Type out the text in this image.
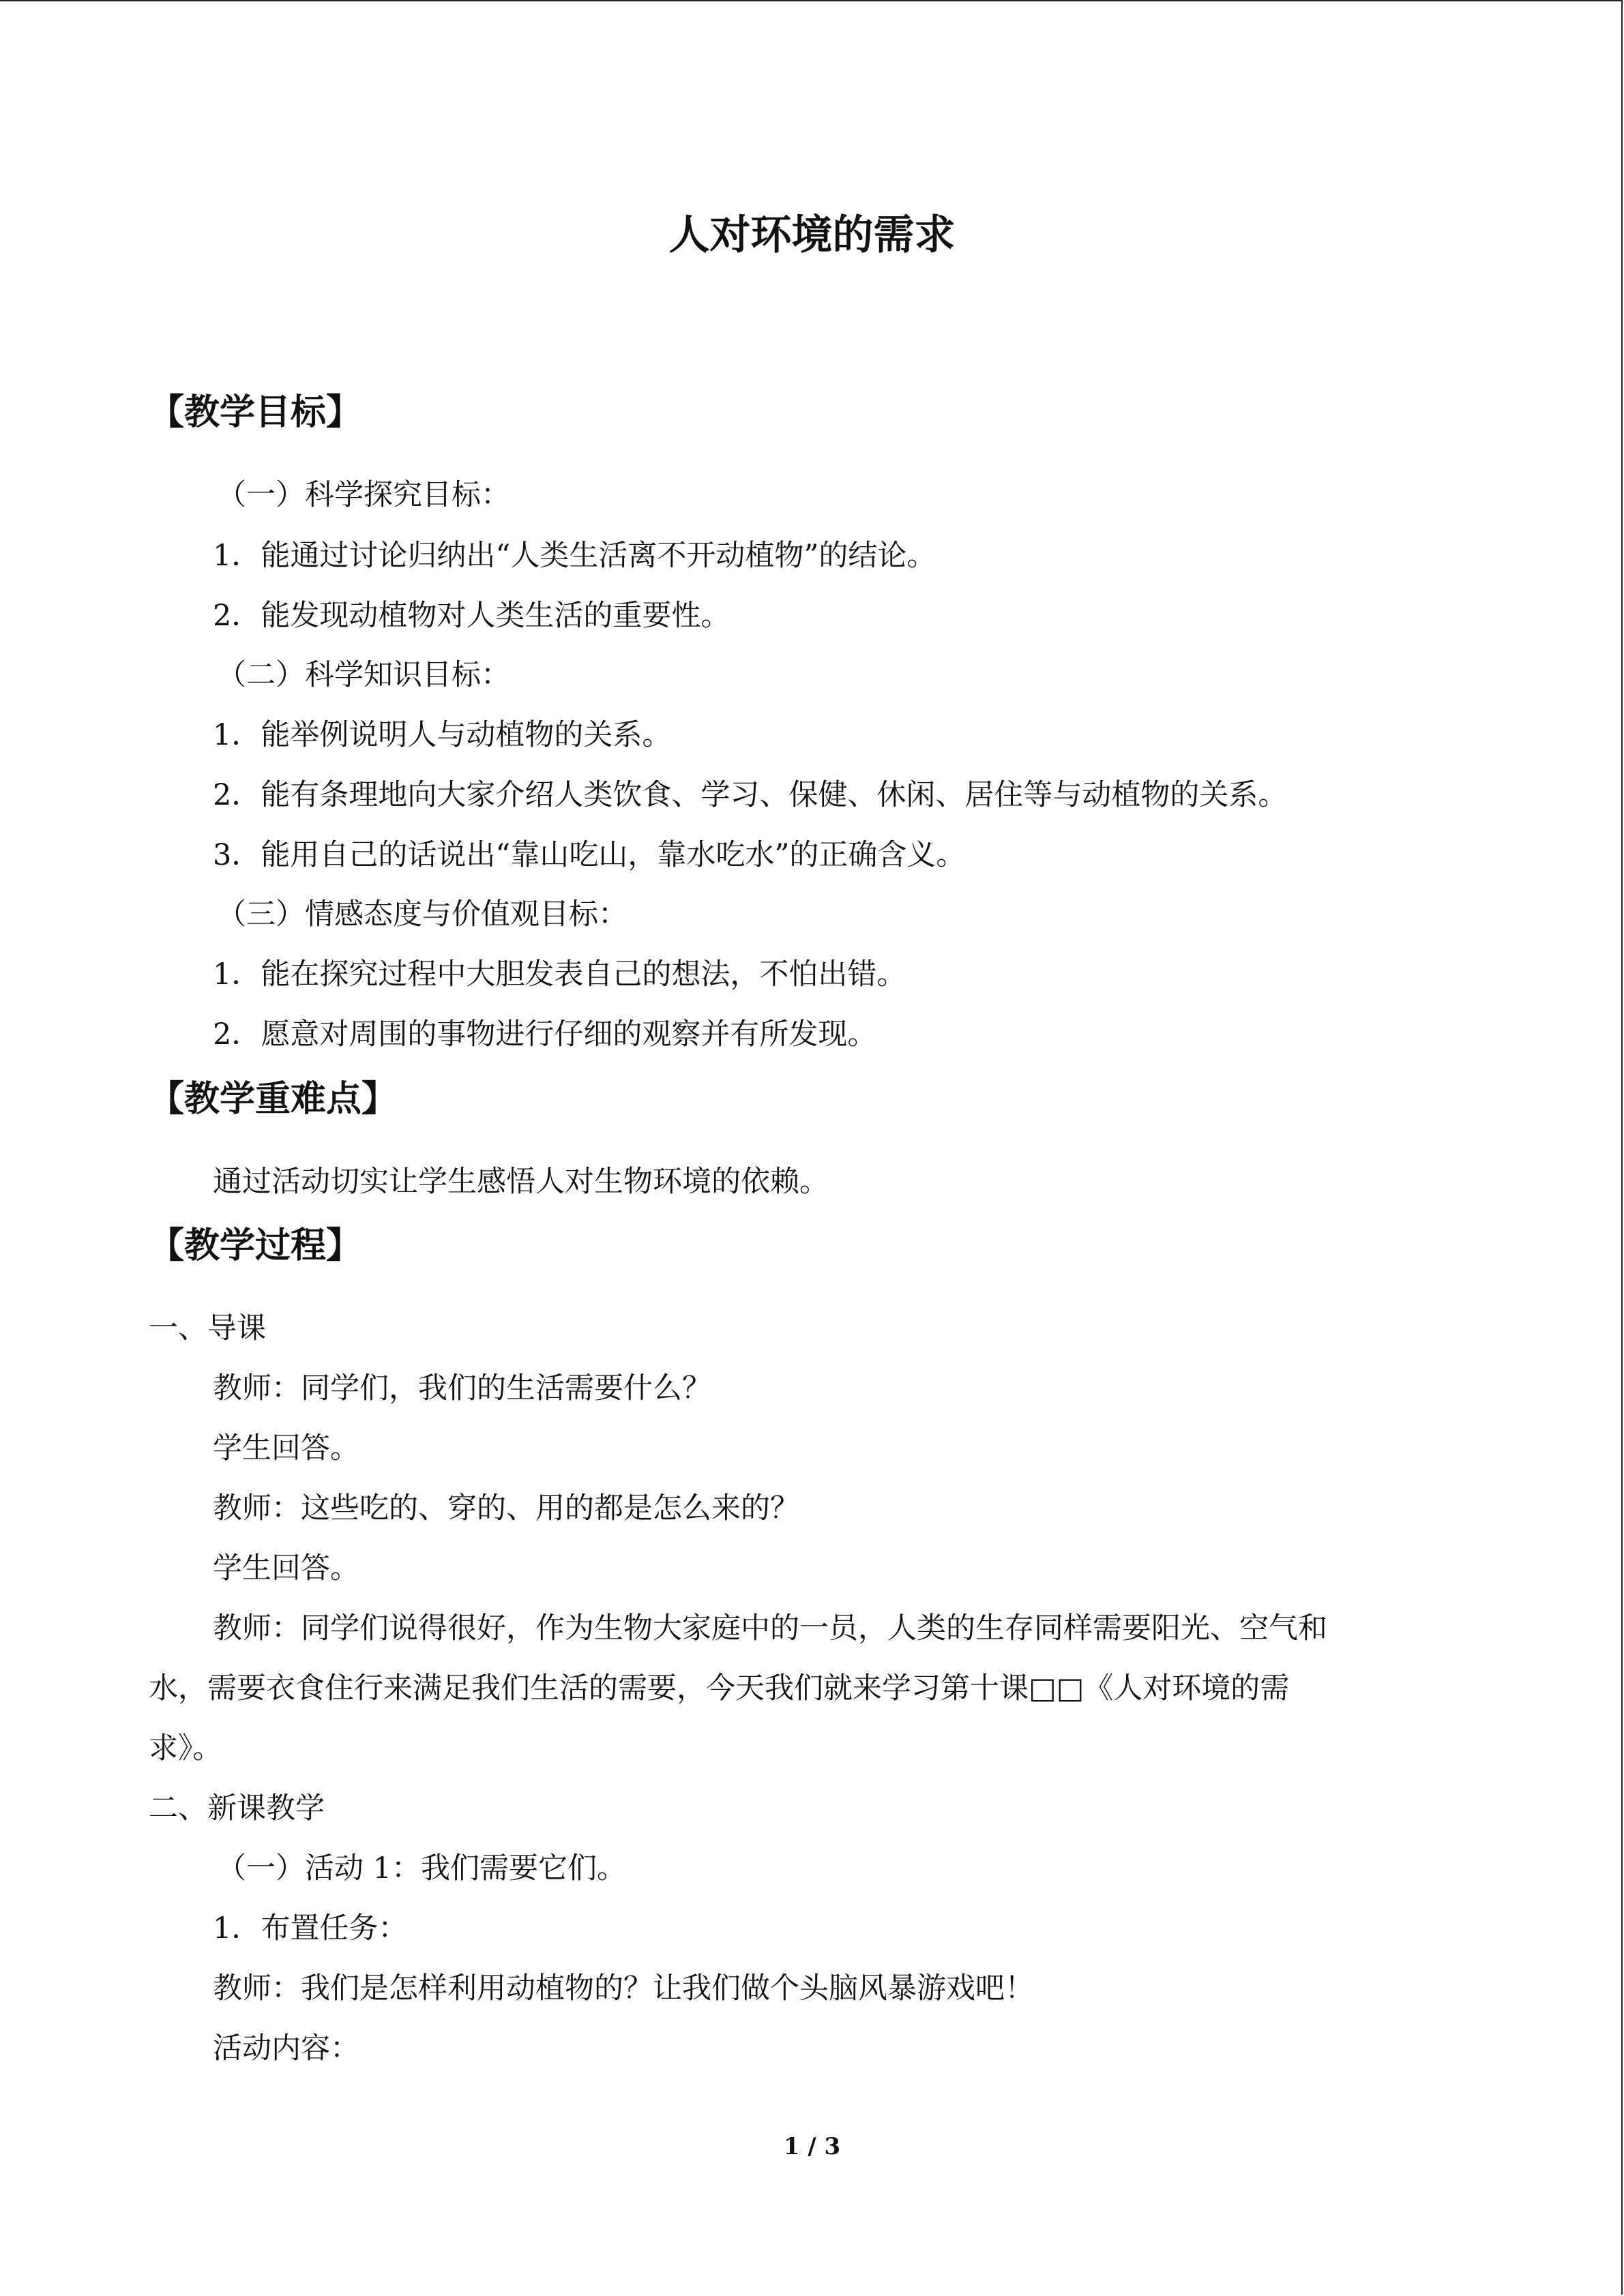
人对环境的需求
【教学目标】
（一）科学探究目标：
1．能通过讨论归纳出“人类生活离不开动植物”的结论。
2．能发现动植物对人类生活的重要性。
（二）科学知识目标：
1．能举例说明人与动植物的关系。
2．能有条理地向大家介绍人类饮食、学习、保健、休闲、居住等与动植物的关系。
3．能用自己的话说出“靠山吃山，靠水吃水”的正确含义。
（三）情感态度与价值观目标：
1．能在探究过程中大胆发表自己的想法，不怕出错。
2．愿意对周围的事物进行仔细的观察并有所发现。
【教学重难点】
通过活动切实让学生感悟人对生物环境的依赖。
【教学过程】
一、导课
教师：同学们，我们的生活需要什么？
学生回答。
教师：这些吃的、穿的、用的都是怎么来的？
学生回答。
教师：同学们说得很好，作为生物大家庭中的一员，人类的生存同样需要阳光、空气和
水，需要衣食住行来满足我们生活的需要，今天我们就来学习第十课□□《人对环境的需
求》。
二、新课教学
（一）活动 1：我们需要它们。
1．布置任务：
教师：我们是怎样利用动植物的？让我们做个头脑风暴游戏吧！
活动内容：
1 / 3
